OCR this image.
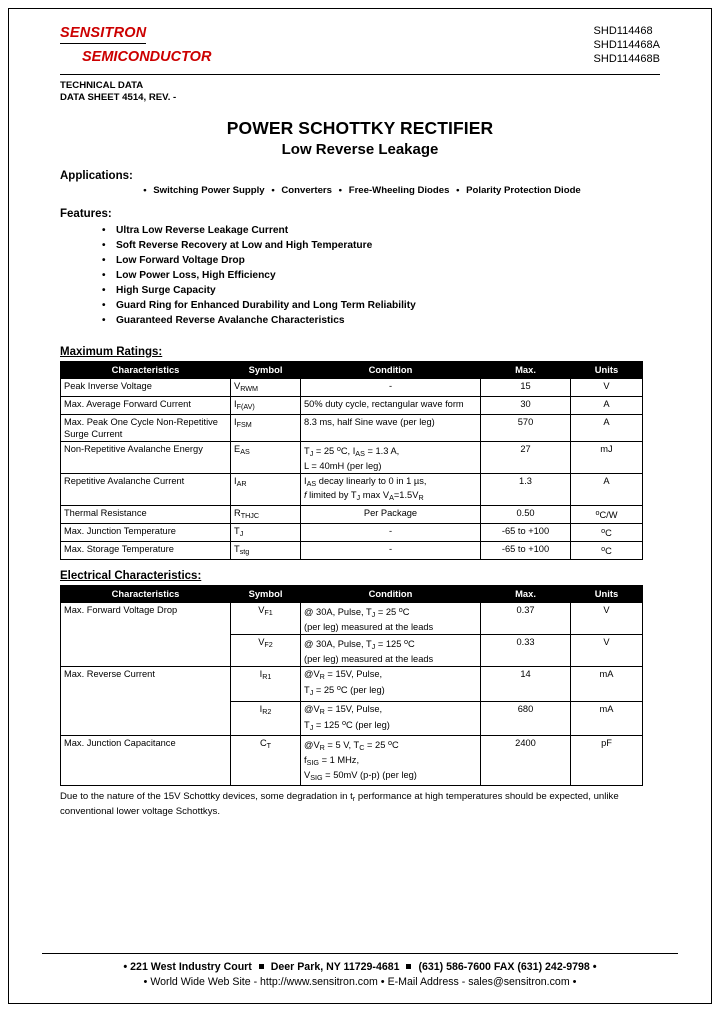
SENSITRON
SEMICONDUCTOR
SHD114468
SHD114468A
SHD114468B
TECHNICAL DATA
DATA SHEET 4514, REV. -
POWER SCHOTTKY RECTIFIER
Low Reverse Leakage
Applications:
• Switching Power Supply • Converters • Free-Wheeling Diodes • Polarity Protection Diode
Features:
• Ultra Low Reverse Leakage Current
• Soft Reverse Recovery at Low and High Temperature
• Low Forward Voltage Drop
• Low Power Loss, High Efficiency
• High Surge Capacity
• Guard Ring for Enhanced Durability and Long Term Reliability
• Guaranteed Reverse Avalanche Characteristics
Maximum Ratings:
Characteristics	Symbol	Condition	Max.	Units
Peak Inverse Voltage	$V_{RWM}$	-	15	V
Max. Average Forward Current	$I_{F(AV)}$	50% duty cycle, rectangular wave form	30	A
Max. Peak One Cycle Non-Repetitive Surge Current	$I_{FSM}$	8.3 ms, half Sine wave (per leg)	570	A
Non-Repetitive Avalanche Energy	$E_{AS}$	$T_J = 25$ $^o$C, $I_{AS} = 1.3$ A,
L = 40mH (per leg)	27	mJ
Repetitive Avalanche Current	$I_{AR}$	$I_{AS}$ decay linearly to 0 in 1 µs,
f limited by $T_J$ $\max V_A=1.5V_R$	1.3	A
Thermal Resistance	$R_{THJC}$	Per Package	0.50	$^o$C/W
Max. Junction Temperature	$T_J$	-	-65 to +100	$^o$C
Max. Storage Temperature	$T_{stg}$	-	-65 to +100	$^o$C
Electrical Characteristics:
Characteristics	Symbol	Condition	Max.	Units
Max. Forward Voltage Drop	$V_{F1}$	@ 30A, Pulse, $T_J = 25$ $^o$C
(per leg) measured at the leads	0.37	V
	$V_{F2}$	@ 30A, Pulse, $T_J = 125$ $^o$C
(per leg) measured at the leads	0.33	V
Max. Reverse Current	$I_{R1}$	$@V_R = 15V$, Pulse,
$T_J = 25$ $^o$C (per leg)	14	mA
	$I_{R2}$	$@V_R = 15V$, Pulse,
$T_J = 125$ $^o$C (per leg)	680	mA
Max. Junction Capacitance	$C_T$	$@V_R = 5$ V, $T_C = 25$ $^o$C
$f_{SIG} = 1$ MHz,
$V_{SIG} = 50mV$ (p-p) (per leg)	2400	pF
Due to the nature of the 15V Schottky devices, some degradation in $t_r$ performance at high temperatures should be expected, unlike conventional lower voltage Schottkys.
• 221 West Industry Court Deer Park, NY 11729-4681 (631) 586-7600 FAX (631) 242-9798 •
• World Wide Web Site - http://www.sensitron.com • E-Mail Address - sales@sensitron.com •
